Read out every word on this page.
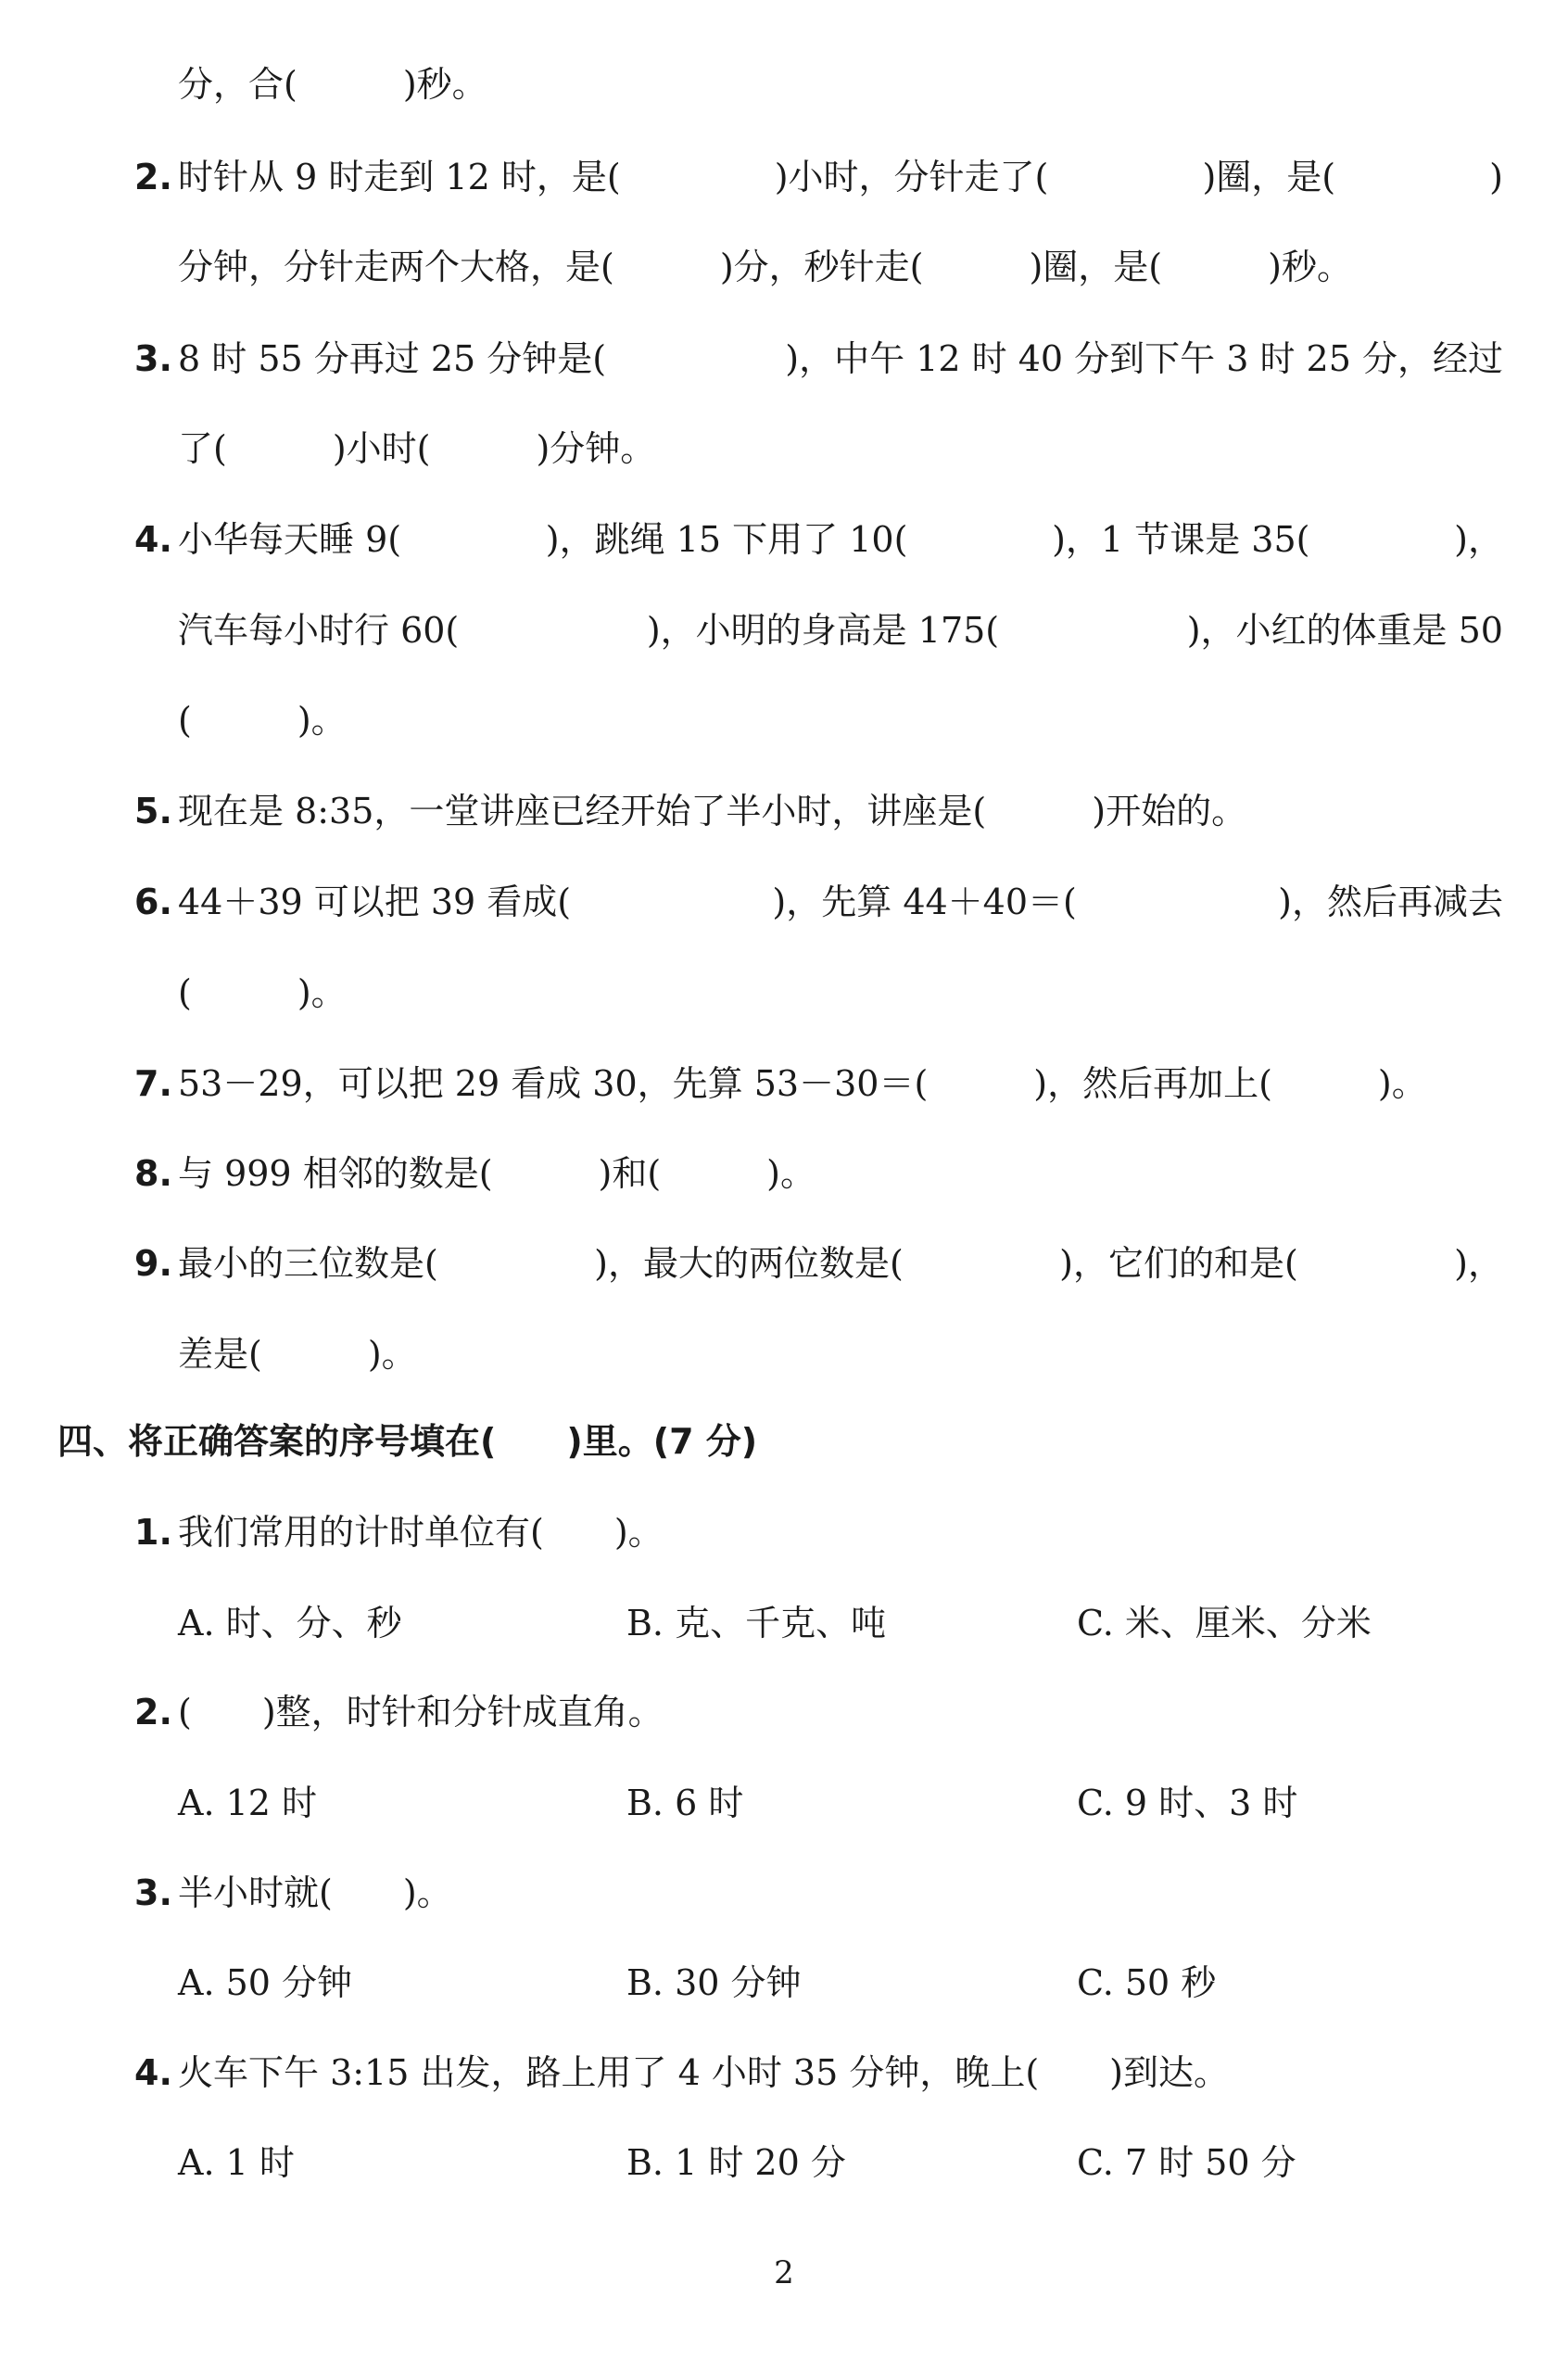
分，合(　　　)秒。
2. 时针从 9 时走到 12 时，是(	)小时，分针走了(	)圈，是(	)
分钟，分针走两个大格，是(　　　)分，秒针走(　　　)圈，是(　　　)秒。
3. 8 时 55 分再过 25 分钟是(	)，中午 12 时 40 分到下午 3 时 25 分，经过
了(　　　)小时(　　　)分钟。
4. 小华每天睡 9(	)，跳绳 15 下用了 10(	)，1 节课是 35(	)，
汽车每小时行 60(	)，小明的身高是 175(	)，小红的体重是 50
(　　　)。
5. 现在是 8:35，一堂讲座已经开始了半小时，讲座是(　　　)开始的。
6. 44＋39 可以把 39 看成(	)，先算 44＋40＝(	)，然后再减去
(　　　)。
7. 53－29，可以把 29 看成 30，先算 53－30＝(　　　)，然后再加上(　　　)。
8. 与 999 相邻的数是(　　　)和(　　　)。
9. 最小的三位数是(	)，最大的两位数是(	)，它们的和是(	)，
差是(　　　)。
四、将正确答案的序号填在(　　)里。(7 分)
1. 我们常用的计时单位有(　　)。
A. 时、分、秒	B. 克、千克、吨	C. 米、厘米、分米
2. (　　)整，时针和分针成直角。
A. 12 时	B. 6 时	C. 9 时、3 时
3. 半小时就(　　)。
A. 50 分钟	B. 30 分钟	C. 50 秒
4. 火车下午 3:15 出发，路上用了 4 小时 35 分钟，晚上(　　)到达。
A. 1 时	B. 1 时 20 分	C. 7 时 50 分
2
